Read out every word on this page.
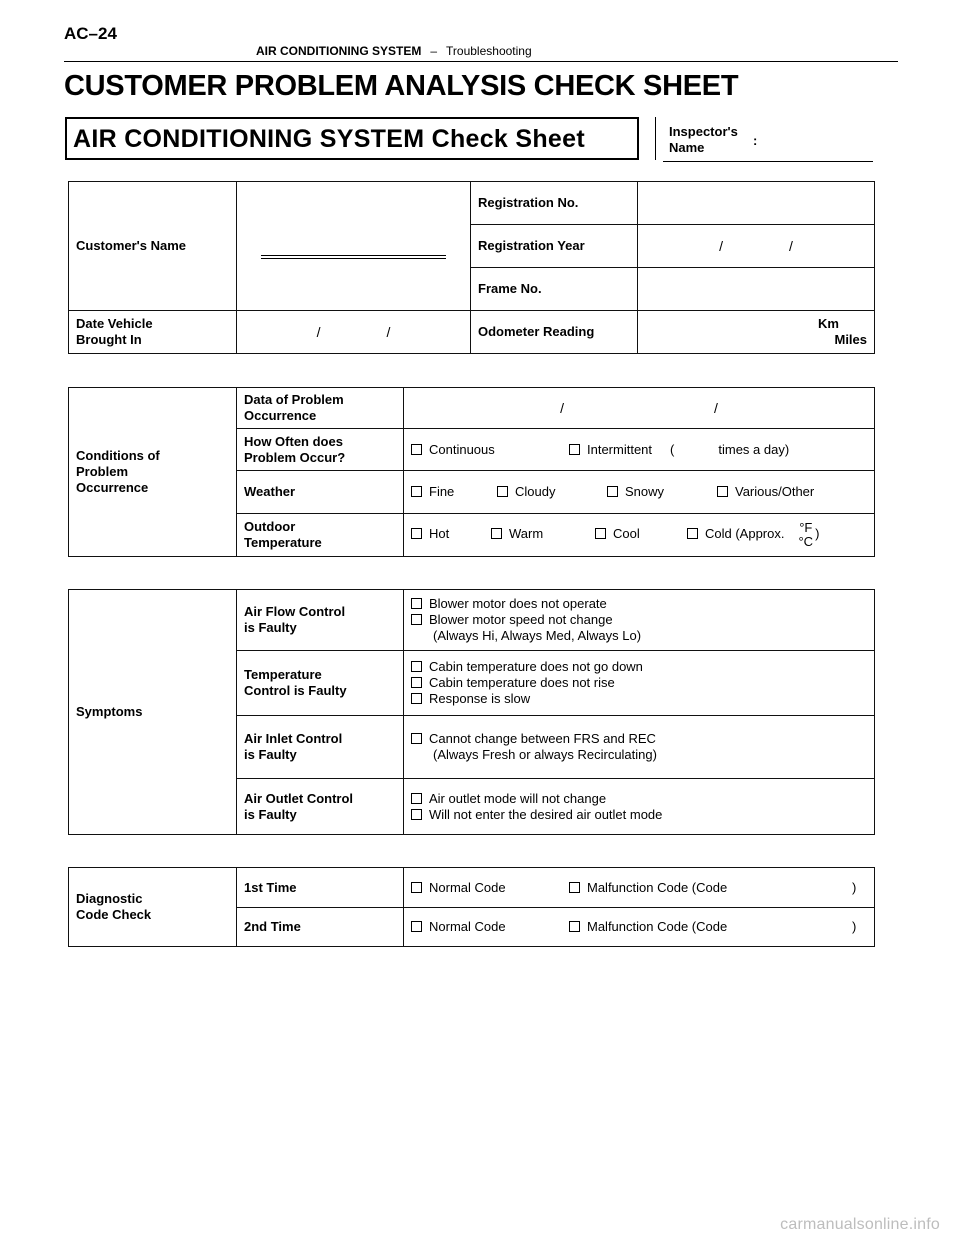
AC–24
AIR CONDITIONING SYSTEM – Troubleshooting
CUSTOMER PROBLEM ANALYSIS CHECK SHEET
AIR CONDITIONING SYSTEM Check Sheet	Inspector's
Name	:
Customer's Name		Registration No.	
		Registration Year	/ /

		Frame No.	
Date Vehicle
Brought In	/ /	Odometer Reading	Km
Miles
Conditions of
Problem
Occurrence	Data of Problem
Occurrence	/ /

	How Often does
Problem Occur?	Continuous Intermittent ( times a day)
	Weather	Fine Cloudy Snowy Various/Other
	Outdoor
Temperature	Hot Warm Cool Cold (Approx. °F
°C)
Symptoms	Air Flow Control
is Faulty	Blower motor does not operate
Blower motor speed not change
(Always Hi, Always Med, Always Lo)

	Temperature
Control is Faulty	Cabin temperature does not go down
Cabin temperature does not rise
Response is slow

	Air Inlet Control
is Faulty	Cannot change between FRS and REC
(Always Fresh or always Recirculating)

	Air Outlet Control
is Faulty	Air outlet mode will not change
Will not enter the desired air outlet mode
Diagnostic
Code Check	1st Time	Normal Code Malfunction Code (Code )
	2nd Time	Normal Code Malfunction Code (Code )
carmanualsonline.info
